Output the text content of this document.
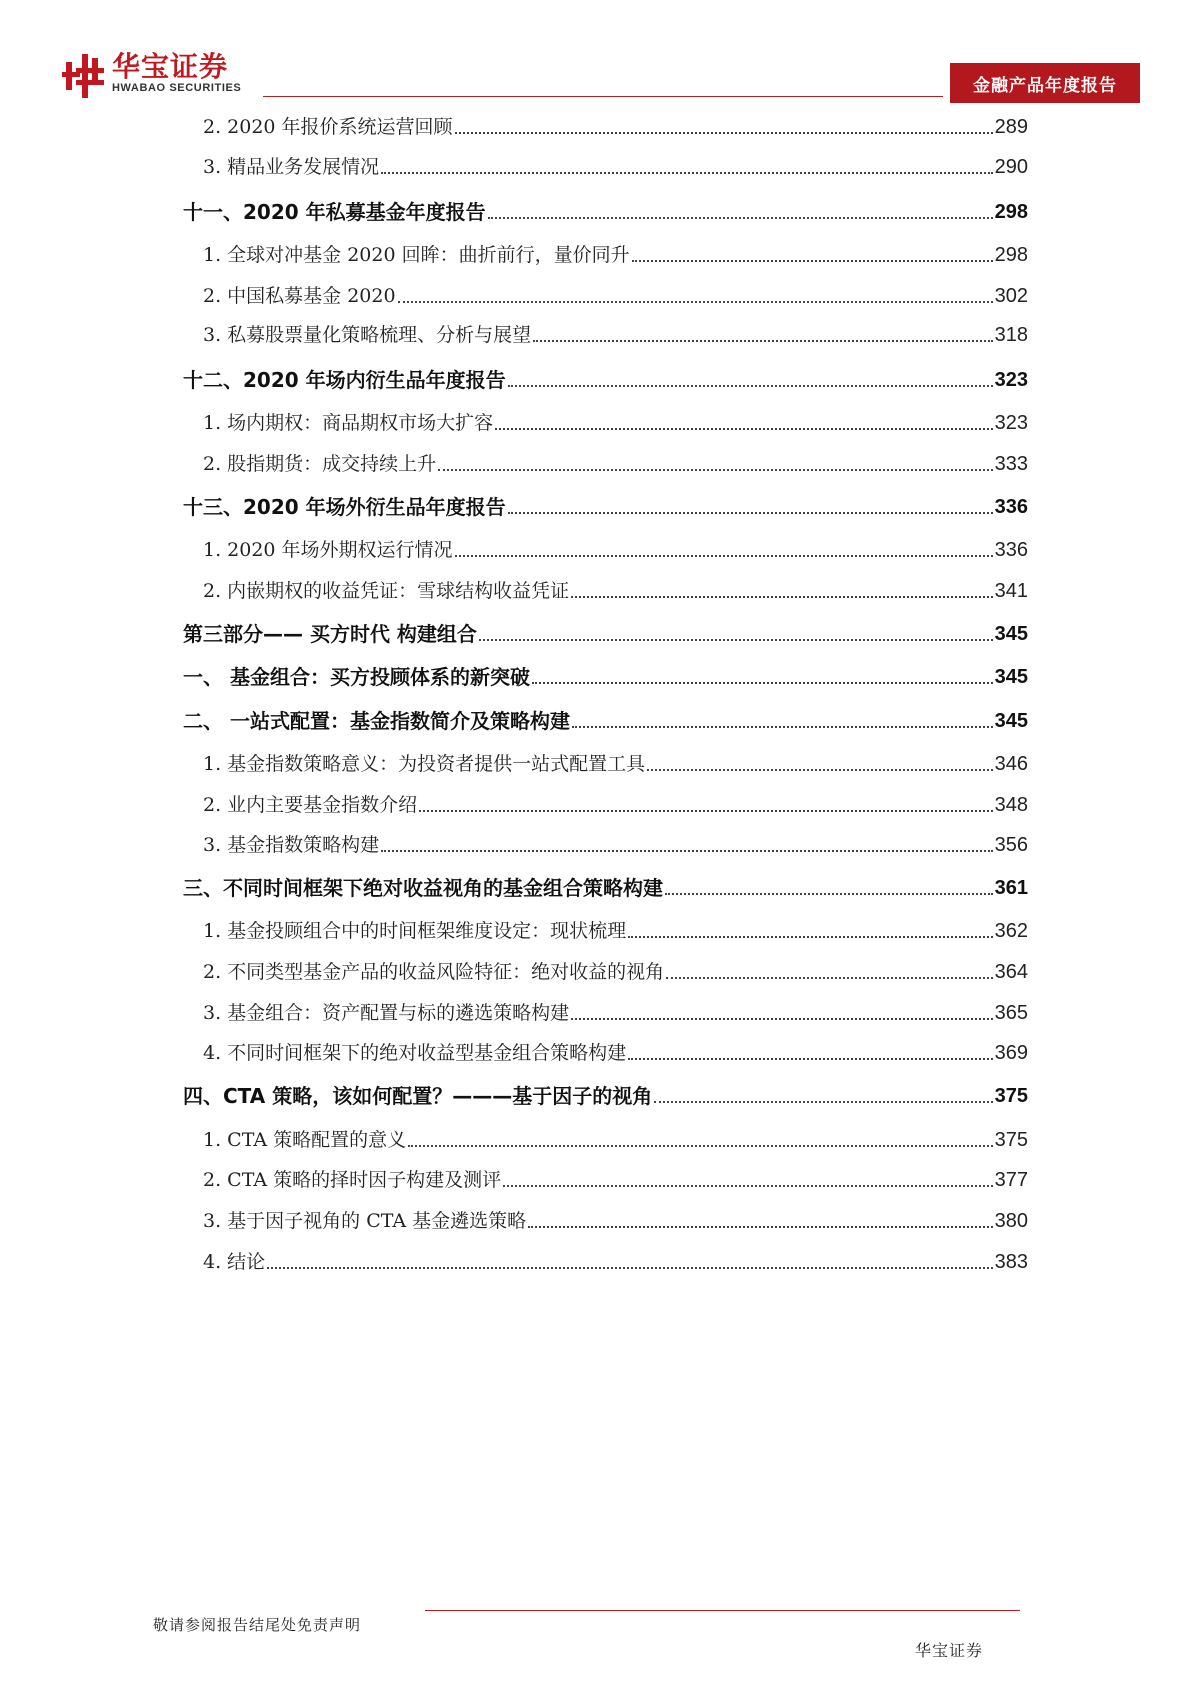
华宝证券
HWABAO SECURITIES	金融产品年度报告
2. 2020 年报价系统运营回顾	289
3. 精品业务发展情况	290
十一、2020 年私募基金年度报告	298
1. 全球对冲基金 2020 回眸：曲折前行，量价同升	298
2. 中国私募基金 2020	302
3. 私募股票量化策略梳理、分析与展望	318
十二、2020 年场内衍生品年度报告	323
1. 场内期权：商品期权市场大扩容	323
2. 股指期货：成交持续上升	333
十三、2020 年场外衍生品年度报告	336
1. 2020 年场外期权运行情况	336
2. 内嵌期权的收益凭证：雪球结构收益凭证	341
第三部分—— 买方时代 构建组合	345
一、 基金组合：买方投顾体系的新突破	345
二、 一站式配置：基金指数简介及策略构建	345
1. 基金指数策略意义：为投资者提供一站式配置工具	346
2. 业内主要基金指数介绍	348
3. 基金指数策略构建	356
三、不同时间框架下绝对收益视角的基金组合策略构建	361
1. 基金投顾组合中的时间框架维度设定：现状梳理	362
2. 不同类型基金产品的收益风险特征：绝对收益的视角	364
3. 基金组合：资产配置与标的遴选策略构建	365
4. 不同时间框架下的绝对收益型基金组合策略构建	369
四、CTA 策略，该如何配置？———基于因子的视角	375
1. CTA 策略配置的意义	375
2. CTA 策略的择时因子构建及测评	377
3. 基于因子视角的 CTA 基金遴选策略	380
4. 结论	383
敬请参阅报告结尾处免责声明
华宝证券
